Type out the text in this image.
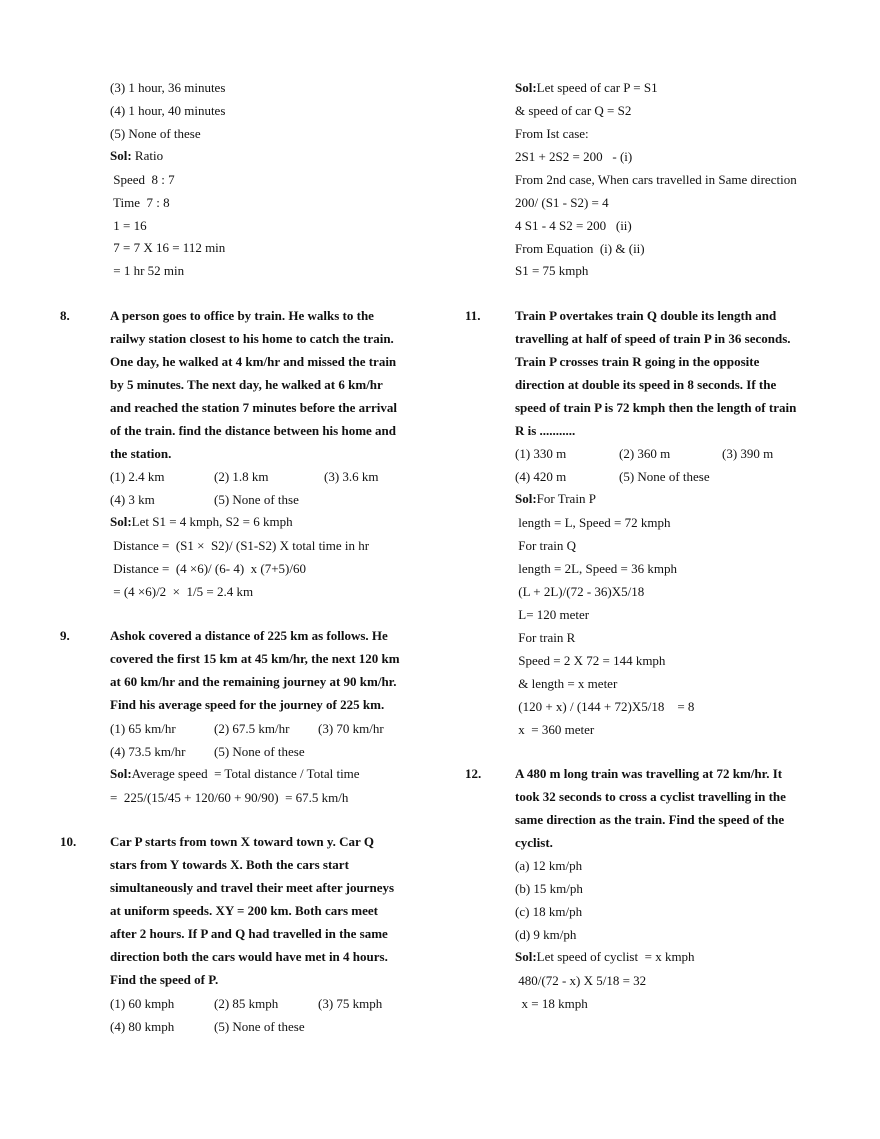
(3) 1 hour, 36 minutes
(4) 1 hour, 40 minutes
(5) None of these
Sol: Ratio
Speed  8 : 7
Time  7 : 8
1 = 16
7 = 7 X 16 = 112 min
= 1 hr 52 min
8.	A person goes to office by train. He walks to the
railwy station closest to his home to catch the train.
One day, he walked at 4 km/hr and missed the train
by 5 minutes. The next day, he walked at 6 km/hr
and reached the station 7 minutes before the arrival
of the train. find the distance between his home and
the station.
(1) 2.4 km	(2) 1.8 km	(3) 3.6 km
(4) 3 km	(5) None of thse
Sol:Let S1 = 4 kmph, S2 = 6 kmph
Distance =  (S1 ×  S2)/ (S1-S2) X total time in hr
Distance =  (4 ×6)/ (6- 4)  x (7+5)/60
= (4 ×6)/2  ×  1/5 = 2.4 km
9.	Ashok covered a distance of 225 km as follows. He
covered the first 15 km at 45 km/hr, the next 120 km
at 60 km/hr and the remaining journey at 90 km/hr.
Find his average speed for the journey of 225 km.
(1) 65 km/hr	(2) 67.5 km/hr (3) 70 km/hr
(4) 73.5 km/hr (5) None of these
Sol:Average speed  = Total distance / Total time
=  225/(15/45 + 120/60 + 90/90)  = 67.5 km/h
10.	Car P starts from town X toward town y. Car Q
stars from Y towards X. Both the cars start
simultaneously and travel their meet after journeys
at uniform speeds. XY = 200 km. Both cars meet
after 2 hours. If P and Q had travelled in the same
direction both the cars would have met in 4 hours.
Find the speed of P.
(1) 60 kmph	(2) 85 kmph	(3) 75 kmph
(4) 80 kmph	(5) None of these
Sol:Let speed of car P = S1
& speed of car Q = S2
From Ist case:
2S1 + 2S2 = 200   - (i)
From 2nd case, When cars travelled in Same direction
200/ (S1 - S2) = 4
4 S1 - 4 S2 = 200   (ii)
From Equation  (i) & (ii)
S1 = 75 kmph
11.	Train P overtakes train Q double its length and
travelling at half of speed of train P in 36 seconds.
Train P crosses train R going in the opposite
direction at double its speed in 8 seconds. If the
speed of train P is 72 kmph then the length of train
R is ...........
(1) 330 m	(2) 360 m	(3) 390 m
(4) 420 m	(5) None of these
Sol:For Train P
length = L, Speed = 72 kmph
For train Q
length = 2L, Speed = 36 kmph
(L + 2L)/(72 - 36)X5/18
L= 120 meter
For train R
Speed = 2 X 72 = 144 kmph
& length = x meter
(120 + x) / (144 + 72)X5/18    = 8
x  = 360 meter
12.	A 480 m long train was travelling at 72 km/hr. It
took 32 seconds to cross a cyclist travelling in the
same direction as the train. Find the speed of the
cyclist.
(a) 12 km/ph
(b) 15 km/ph
(c) 18 km/ph
(d) 9 km/ph
Sol:Let speed of cyclist  = x kmph
480/(72 - x) X 5/18 = 32
x = 18 kmph
